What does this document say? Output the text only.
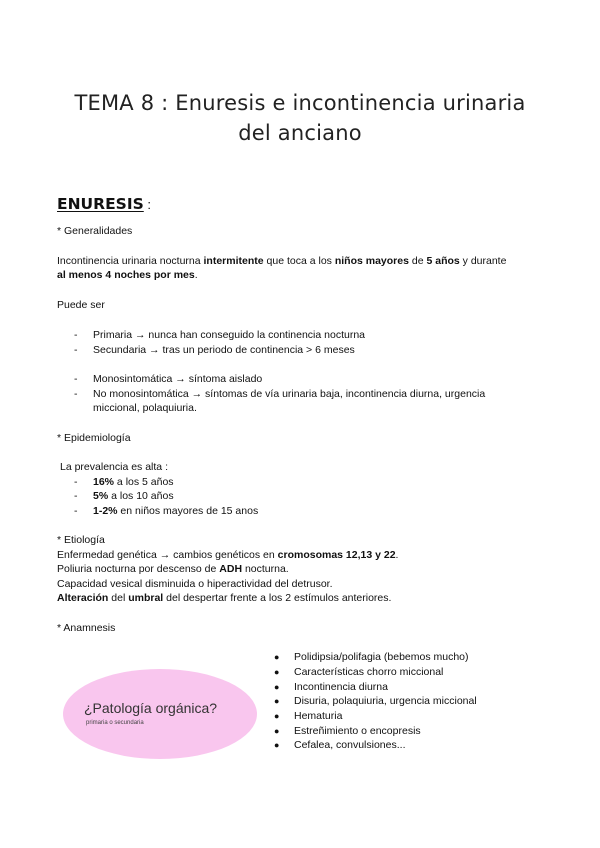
TEMA 8 : Enuresis e incontinencia urinaria
del anciano
ENURESIS :
* Generalidades
Incontinencia urinaria nocturna intermitente que toca a los niños mayores de 5 años y durante
al menos 4 noches por mes.
Puede ser
- Primaria → nunca han conseguido la continencia nocturna
- Secundaria → tras un periodo de continencia > 6 meses
- Monosintomática → síntoma aislado
- No monosintomática → síntomas de vía urinaria baja, incontinencia diurna, urgencia
miccional, polaquiuria.
* Epidemiología
La prevalencia es alta :
- 16% a los 5 años
- 5% a los 10 años
- 1-2% en niños mayores de 15 anos
* Etiología
Enfermedad genética → cambios genéticos en cromosomas 12,13 y 22.
Poliuria nocturna por descenso de ADH nocturna.
Capacidad vesical disminuida o hiperactividad del detrusor.
Alteración del umbral del despertar frente a los 2 estímulos anteriores.
* Anamnesis
¿Patología orgánica?
primaria o secundaria
● Polidipsia/polifagia (bebemos mucho)
● Características chorro miccional
● Incontinencia diurna
● Disuria, polaquiuria, urgencia miccional
● Hematuria
● Estreñimiento o encopresis
● Cefalea, convulsiones...
